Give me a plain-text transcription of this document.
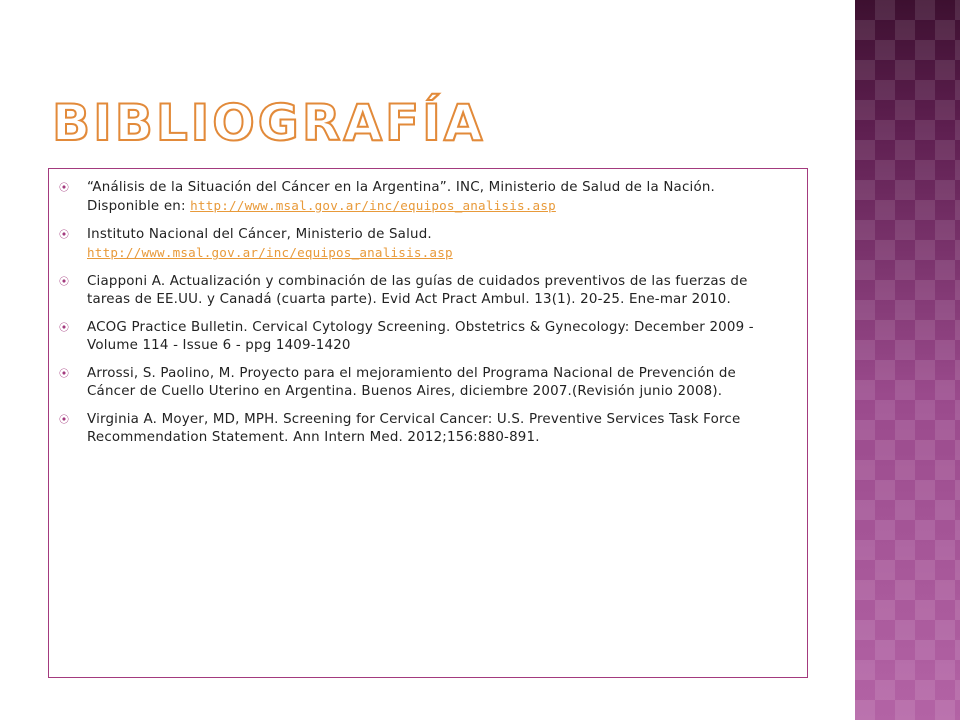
BIBLIOGRAFÍA
⦿ “Análisis de la Situación del Cáncer en la Argentina”. INC, Ministerio de Salud de la Nación. Disponible en: http://www.msal.gov.ar/inc/equipos_analisis.asp
⦿ Instituto Nacional del Cáncer, Ministerio de Salud.
http://www.msal.gov.ar/inc/equipos_analisis.asp
⦿ Ciapponi A. Actualización y combinación de las guías de cuidados preventivos de las fuerzas de tareas de EE.UU. y Canadá (cuarta parte). Evid Act Pract Ambul. 13(1). 20-25. Ene-mar 2010.
⦿ ACOG Practice Bulletin. Cervical Cytology Screening. Obstetrics & Gynecology: December 2009 - Volume 114 - Issue 6 - ppg 1409-1420
⦿ Arrossi, S. Paolino, M. Proyecto para el mejoramiento del Programa Nacional de Prevención de Cáncer de Cuello Uterino en Argentina. Buenos Aires, diciembre 2007.(Revisión junio 2008).
⦿ Virginia A. Moyer, MD, MPH. Screening for Cervical Cancer: U.S. Preventive Services Task Force Recommendation Statement. Ann Intern Med. 2012;156:880-891.
